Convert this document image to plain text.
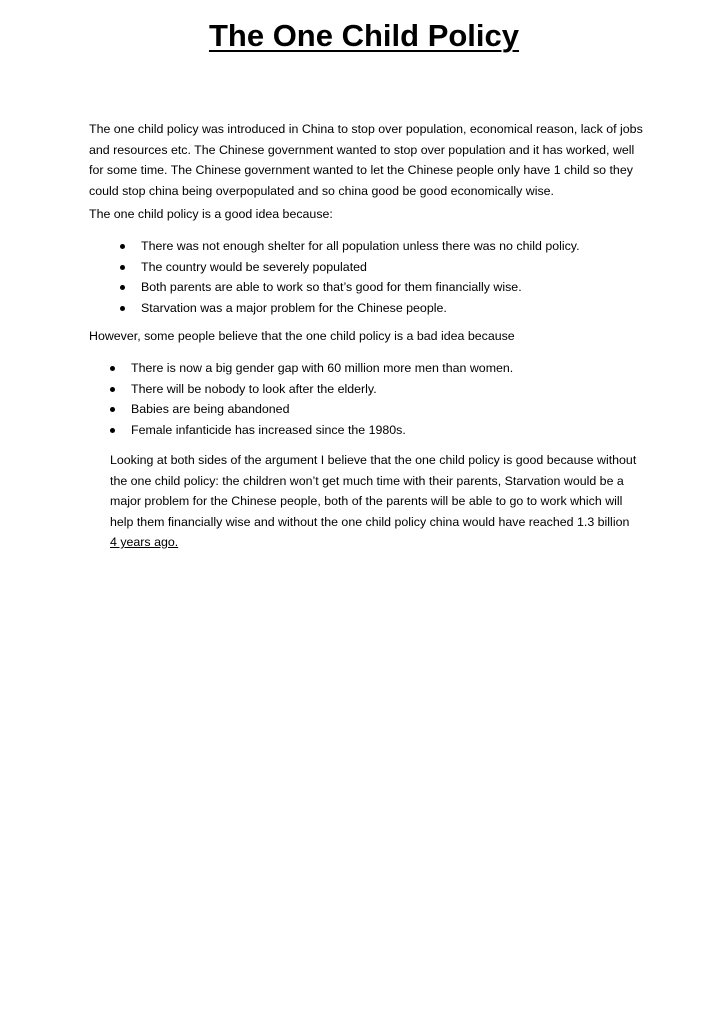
The One Child Policy
The one child policy was introduced in China to stop over population, economical reason, lack of jobs and resources etc. The Chinese government wanted to stop over population and it has worked, well for some time. The Chinese government wanted to let the Chinese people only have 1 child so they could stop china being overpopulated and so china good be good economically wise.
The one child policy is a good idea because:
There was not enough shelter for all population unless there was no child policy.
The country would be severely populated
Both parents are able to work so that’s good for them financially wise.
Starvation was a major problem for the Chinese people.
However, some people believe that the one child policy is a bad idea because
There is now a big gender gap with 60 million more men than women.
There will be nobody to look after the elderly.
Babies are being abandoned
Female infanticide has increased since the 1980s.
Looking at both sides of the argument I believe that the one child policy is good because without the one child policy: the children won’t get much time with their parents, Starvation would be a major problem for the Chinese people, both of the parents will be able to go to work which will help them financially wise and without the one child policy china would have reached 1.3 billion
4 years ago.
